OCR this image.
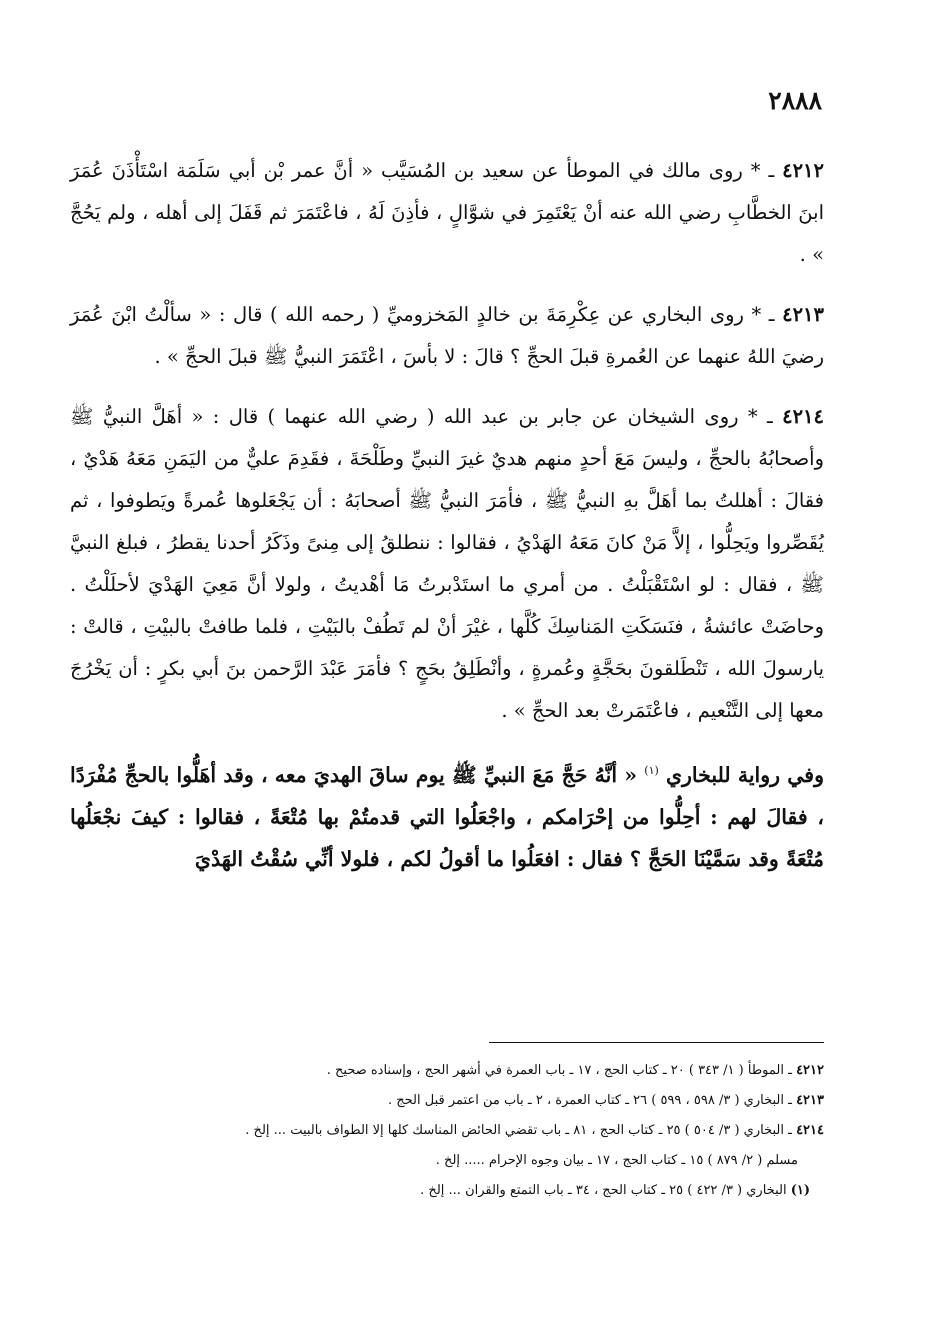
٢٨٨٨

٤٢١٢ ـ * روى مالك في الموطأ عن سعيد بن المُسَيَّب « أنَّ عمر بْن أبي سَلَمَة اسْتَأْذَنَ عُمَرَ ابنَ الخطَّابِ رضي الله عنه أنْ يَعْتَمِرَ في شوَّالٍ ، فأذِنَ لَهُ ، فاعْتَمَرَ ثم قَفَلَ إلى أهله ، ولم يَحُجَّ » .

٤٢١٣ ـ * روى البخاري عن عِكْرِمَةَ بن خالدٍ المَخزوميِّ ( رحمه الله ) قال : « سألْتُ ابْنَ عُمَرَ رضيَ اللهُ عنهما عن العُمرةِ قبلَ الحجِّ ؟ قالَ : لا بأسَ ، اعْتَمَرَ النبيُّ ﷺ قبلَ الحجِّ » .

٤٢١٤ ـ * روى الشيخان عن جابر بن عبد الله ( رضي الله عنهما ) قال : « أهَلَّ النبيُّ ﷺ وأصحابُهُ بالحجِّ ، وليسَ مَعَ أحدٍ منهم هديٌ غيرَ النبيِّ وطَلْحَةَ ، فقَدِمَ عليٌّ من اليَمَنِ مَعَهُ هَدْيٌ ، فقالَ : أهللتُ بما أهَلَّ بهِ النبيُّ ﷺ ، فأمَرَ النبيُّ ﷺ أصحابَهُ : أن يَجْعَلوها عُمرةً ويَطوفوا ، ثم يُقَصِّروا ويَحِلُّوا ، إلاَّ مَنْ كانَ مَعَهُ الهَدْيُ ، فقالوا : ننطلقُ إلى مِنىً وذَكَرُ أحدنا يقطرُ ، فبلغ النبيَّ ﷺ ، فقال : لو اسْتَقْبَلْتُ . من أمري ما استَدْبرتُ مَا أهْديتُ ، ولولا أنَّ مَعِيَ الهَدْيَ لأحلَلْتُ . وحاضَتْ عائشةُ ، فنَسَكَتِ المَناسِكَ كُلَّها ، غيْرَ أنْ لم تَطُفْ بالبَيْتِ ، فلما طافتْ بالبيْتِ ، قالتْ : يارسولَ الله ، تَنْطَلقونَ بحَجَّةٍ وعُمرةٍ ، وأنْطَلِقُ بحَجٍ ؟ فأمَرَ عَبْدَ الرَّحمن بنَ أبي بكرٍ : أن يَخْرُجَ معها إلى التَّنْعيم ، فاعْتَمَرتْ بعد الحجِّ » .

وفي رواية للبخاري $^{(١)}$ « أنَّهُ حَجَّ مَعَ النبيِّ ﷺ يوم ساقَ الهديَ معه ، وقد أهَلُّوا بالحجِّ مُفْرَدًا ، فقالَ لهم : أحِلُّوا من إحْرَامكم ، واجْعَلُوا التي قدمتُمْ بها مُتْعَةً ، فقالوا : كيفَ نجْعَلُها مُتْعَةً وقد سَمَّيْنَا الحَجَّ ؟ فقال : افعَلُوا ما أقولُ لكم ، فلولا أنِّي سُقْتُ الهَدْيَ

٤٢١٢ ـ الموطأ ( ١/ ٣٤٣ ) ٢٠ ـ كتاب الحج ، ١٧ ـ باب العمرة في أشهر الحج ، وإسناده صحيح .

٤٢١٣ ـ البخاري ( ٣/ ٥٩٨ ، ٥٩٩ ) ٢٦ ـ كتاب العمرة ، ٢ ـ باب من اعتمر قبل الحج .

٤٢١٤ ـ البخاري ( ٣/ ٥٠٤ ) ٢٥ ـ كتاب الحج ، ٨١ ـ باب تقضي الحائض المناسك كلها إلا الطواف بالبيت ... إلخ .

مسلم ( ٢/ ٨٧٩ ) ١٥ ـ كتاب الحج ، ١٧ ـ بيان وجوه الإحرام ..... إلخ .

(١) البخاري ( ٣/ ٤٢٢ ) ٢٥ ـ كتاب الحج ، ٣٤ ـ باب التمتع والقران ... إلخ .
